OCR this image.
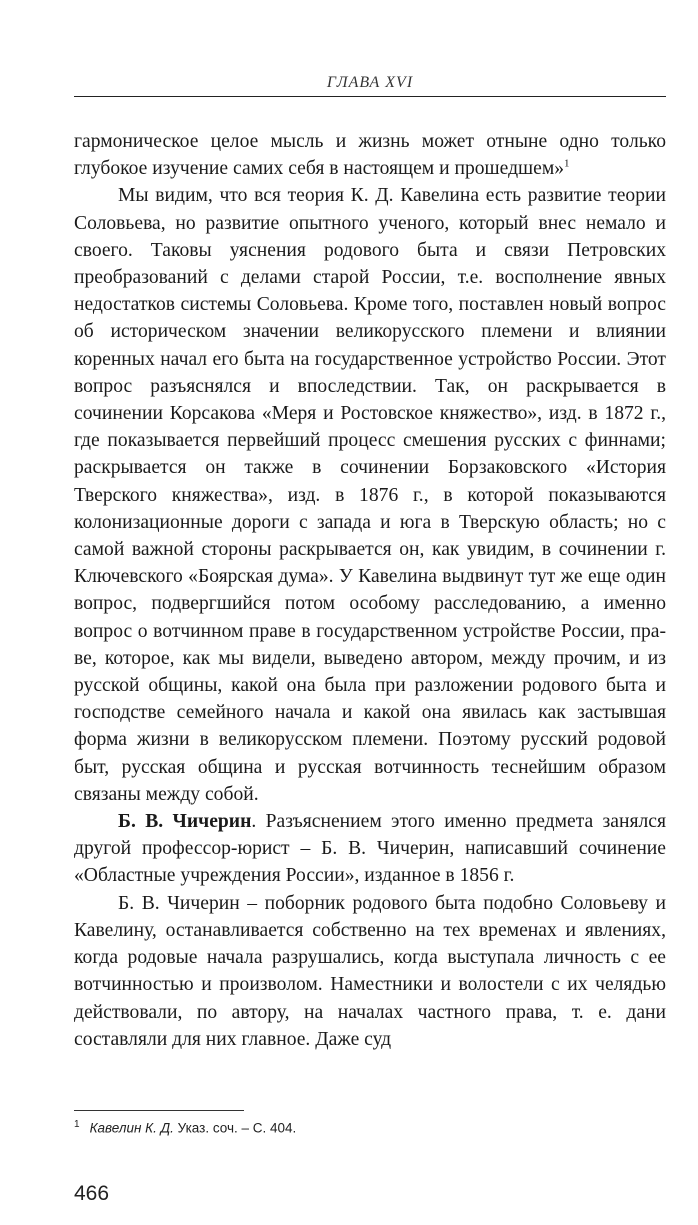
ГЛАВА XVI

гармоническое целое мысль и жизнь может отныне одно только глубокое изучение самих себя в настоящем и прошедшем»$^1$

Мы видим, что вся теория К. Д. Кавелина есть развитие теории Соловьева, но развитие опытного ученого, который внес немало и своего. Таковы уяснения родового быта и связи Петровских преобразований с делами старой России, т.е. восполнение явных недостатков системы Соловьева. Кроме того, поставлен новый вопрос об историческом значении великорусского племени и влиянии коренных начал его быта на государственное устройство России. Этот вопрос разъяснялся и впоследствии. Так, он раскрывается в сочинении Корсакова «Меря и Ростовское княжество», изд. в 1872 г., где показывается первейший процесс смешения русских с финнами; раскрывается он также в сочинении Борзаковского «История Тверского княжества», изд. в 1876 г., в которой показываются колонизационные дороги с запада и юга в Тверскую область; но с самой важной стороны раскрывается он, как увидим, в сочинении г. Ключевского «Боярская дума». У Кавелина выдвинут тут же еще один вопрос, подвергшийся потом особому расследованию, а именно вопрос о вотчинном праве в государственном устройстве России, праве, которое, как мы видели, выведено автором, между прочим, и из русской общины, какой она была при разложении родового быта и господстве семейного начала и какой она явилась как застывшая форма жизни в великорусском племени. Поэтому русский родовой быт, русская община и русская вотчинность теснейшим образом связаны между собой.

Б. В. Чичерин. Разъяснением этого именно предмета занялся другой профессор-юрист – Б. В. Чичерин, написавший сочинение «Областные учреждения России», изданное в 1856 г.

Б. В. Чичерин – поборник родового быта подобно Соловьеву и Кавелину, останавливается собственно на тех временах и явлениях, когда родовые начала разрушались, когда выступала личность с ее вотчинностью и произволом. Наместники и волостели с их челядью действовали, по автору, на началах частного права, т. е. дани составляли для них главное. Даже суд

$^1$ Кавелин К. Д. Указ. соч. – С. 404.
466
